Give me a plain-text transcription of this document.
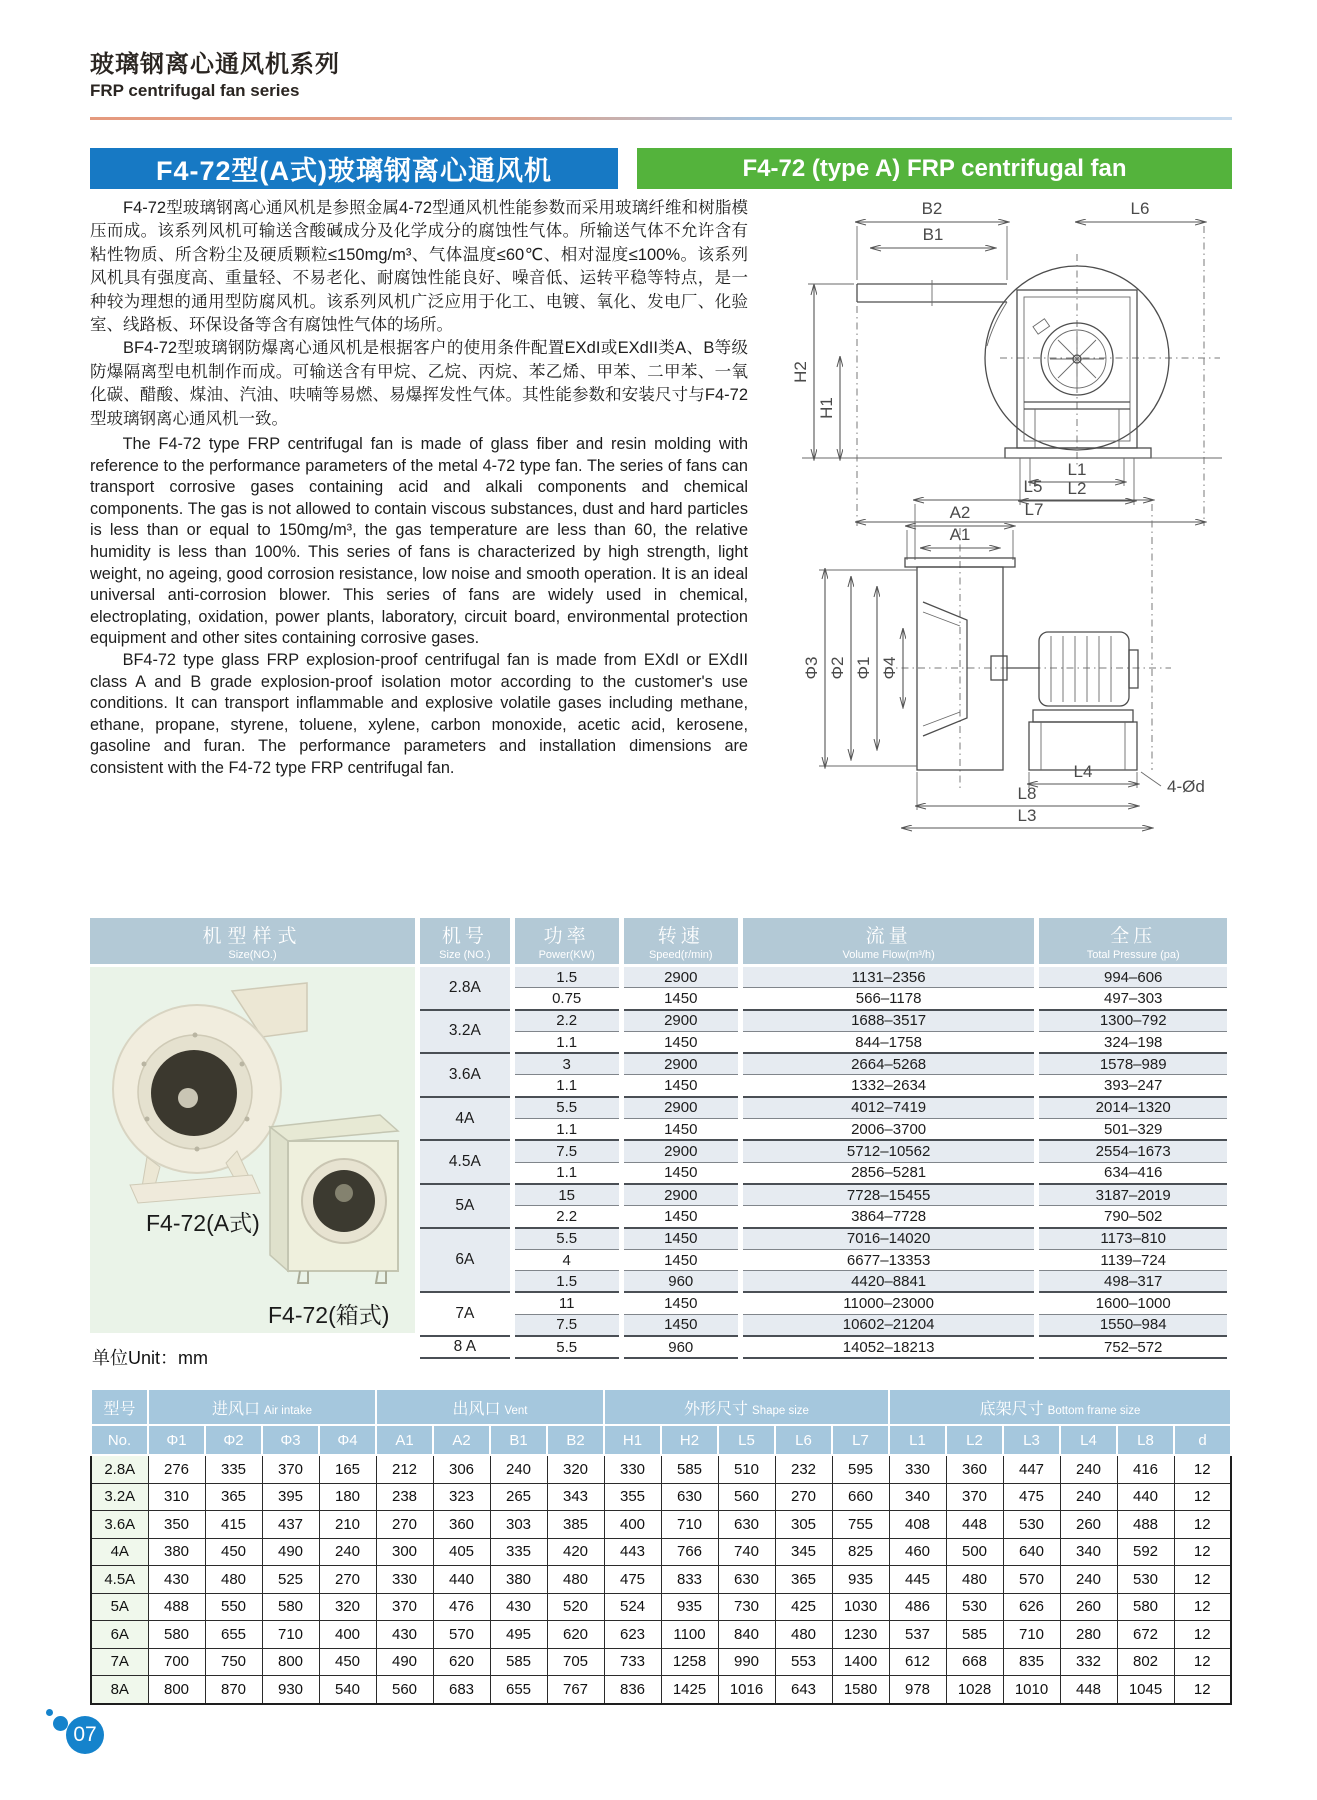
玻璃钢离心通风机系列
FRP centrifugal fan series
F4-72型(A式)玻璃钢离心通风机	F4-72 (type A) FRP centrifugal fan

F4-72型玻璃钢离心通风机是参照金属4-72型通风机性能参数而采用玻璃纤维和树脂模压而成。该系列风机可输送含酸碱成分及化学成分的腐蚀性气体。所输送气体不允许含有粘性物质、所含粉尘及硬质颗粒≤150mg/m³、气体温度≤60℃、相对湿度≤100%。该系列风机具有强度高、重量轻、不易老化、耐腐蚀性能良好、噪音低、运转平稳等特点，是一种较为理想的通用型防腐风机。该系列风机广泛应用于化工、电镀、氧化、发电厂、化验室、线路板、环保设备等含有腐蚀性气体的场所。

BF4-72型玻璃钢防爆离心通风机是根据客户的使用条件配置EXdI或EXdII类A、B等级防爆隔离型电机制作而成。可输送含有甲烷、乙烷、丙烷、苯乙烯、甲苯、二甲苯、一氧化碳、醋酸、煤油、汽油、呋喃等易燃、易爆挥发性气体。其性能参数和安装尺寸与F4-72型玻璃钢离心通风机一致。

The F4-72 type FRP centrifugal fan is made of glass fiber and resin molding with reference to the performance parameters of the metal 4-72 type fan. The series of fans can transport corrosive gases containing acid and alkali components and chemical components. The gas is not allowed to contain viscous substances, dust and hard particles is less than or equal to 150mg/m³, the gas temperature are less than 60, the relative humidity is less than 100%. This series of fans is characterized by high strength, light weight, no ageing, good corrosion resistance, low noise and smooth operation. It is an ideal universal anti-corrosion blower. This series of fans are widely used in chemical, electroplating, oxidation, power plants, laboratory, circuit board, environmental protection equipment and other sites containing corrosive gases.

BF4-72 type glass FRP explosion-proof centrifugal fan is made from EXdI or EXdII class A and B grade explosion-proof isolation motor according to the customer's use conditions. It can transport inflammable and explosive volatile gases including methane, ethane, propane, styrene, toluene, xylene, carbon monoxide, acetic acid, kerosene, gasoline and furan. The performance parameters and installation dimensions are consistent with the F4-72 type FRP centrifugal fan.

B2
B1
L6
H2
H1
L1
L2
L7
L5
A2
A1
Φ3 Φ2 Φ1 Φ4
L4
4-Ød
L8
L3
机型样式
Size(NO.)
F4-72(A式)
F4-72(箱式)
机号
Size (NO.)	功率
Power(KW)	转速
Speed(r/min)	流量
Volume Flow(m³/h)	全压
Total Pressure (pa)

2.8A	1.5	2900	1131–2356	994–606
	0.75	1450	566–1178	497–303
3.2A	2.2	2900	1688–3517	1300–792
	1.1	1450	844–1758	324–198
3.6A	3	2900	2664–5268	1578–989
	1.1	1450	1332–2634	393–247
4A	5.5	2900	4012–7419	2014–1320
	1.1	1450	2006–3700	501–329
4.5A	7.5	2900	5712–10562	2554–1673
	1.1	1450	2856–5281	634–416
5A	15	2900	7728–15455	3187–2019
	2.2	1450	3864–7728	790–502
6A	5.5	1450	7016–14020	1173–810
	4	1450	6677–13353	1139–724
	1.5	960	4420–8841	498–317
7A	11	1450	11000–23000	1600–1000
	7.5	1450	10602–21204	1550–984
8 A	5.5	960	14052–18213	752–572
单位Unit：mm
型号	进风口 Air intake				出风口 Vent				外形尺寸 Shape size					底架尺寸 Bottom frame size					
No.	Φ1	Φ2	Φ3	Φ4	A1	A2	B1	B2	H1	H2	L5	L6	L7	L1	L2	L3	L4	L8	d
2.8A	276	335	370	165	212	306	240	320	330	585	510	232	595	330	360	447	240	416	12
3.2A	310	365	395	180	238	323	265	343	355	630	560	270	660	340	370	475	240	440	12
3.6A	350	415	437	210	270	360	303	385	400	710	630	305	755	408	448	530	260	488	12
4A	380	450	490	240	300	405	335	420	443	766	740	345	825	460	500	640	340	592	12
4.5A	430	480	525	270	330	440	380	480	475	833	630	365	935	445	480	570	240	530	12
5A	488	550	580	320	370	476	430	520	524	935	730	425	1030	486	530	626	260	580	12
6A	580	655	710	400	430	570	495	620	623	1100	840	480	1230	537	585	710	280	672	12
7A	700	750	800	450	490	620	585	705	733	1258	990	553	1400	612	668	835	332	802	12
8A	800	870	930	540	560	683	655	767	836	1425	1016	643	1580	978	1028	1010	448	1045	12
07
